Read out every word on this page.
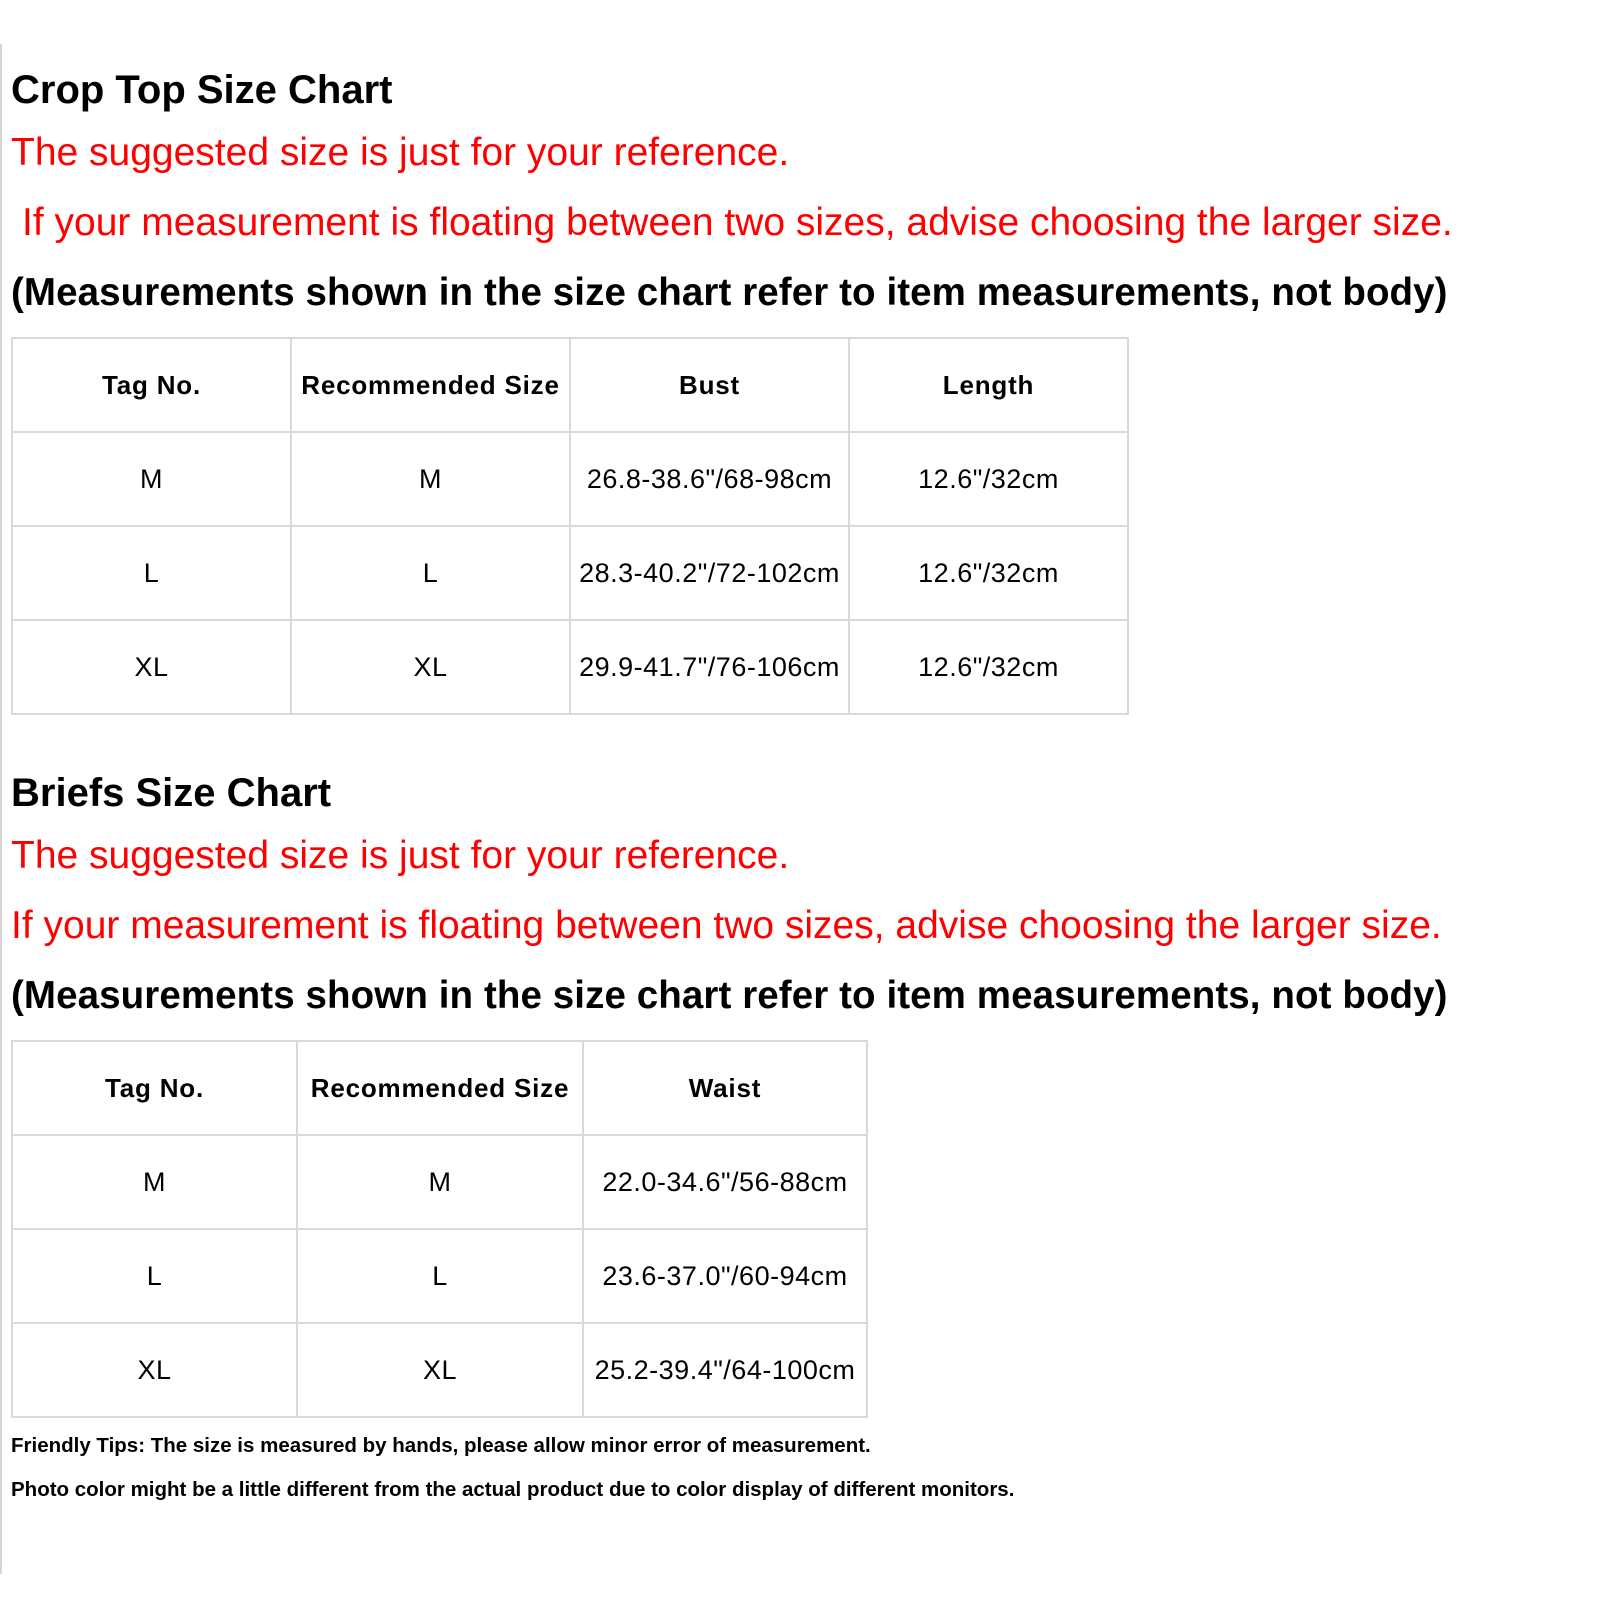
Crop Top Size Chart
The suggested size is just for your reference.
If your measurement is floating between two sizes, advise choosing the larger size.
(Measurements shown in the size chart refer to item measurements, not body)
Tag No.	Recommended Size	Bust	Length
M	M	26.8-38.6"/68-98cm	12.6"/32cm
L	L	28.3-40.2"/72-102cm	12.6"/32cm
XL	XL	29.9-41.7"/76-106cm	12.6"/32cm
Briefs Size Chart
The suggested size is just for your reference.
If your measurement is floating between two sizes, advise choosing the larger size.
(Measurements shown in the size chart refer to item measurements, not body)
Tag No.	Recommended Size	Waist
M	M	22.0-34.6"/56-88cm
L	L	23.6-37.0"/60-94cm
XL	XL	25.2-39.4"/64-100cm
Friendly Tips: The size is measured by hands, please allow minor error of measurement.
Photo color might be a little different from the actual product due to color display of different monitors.
